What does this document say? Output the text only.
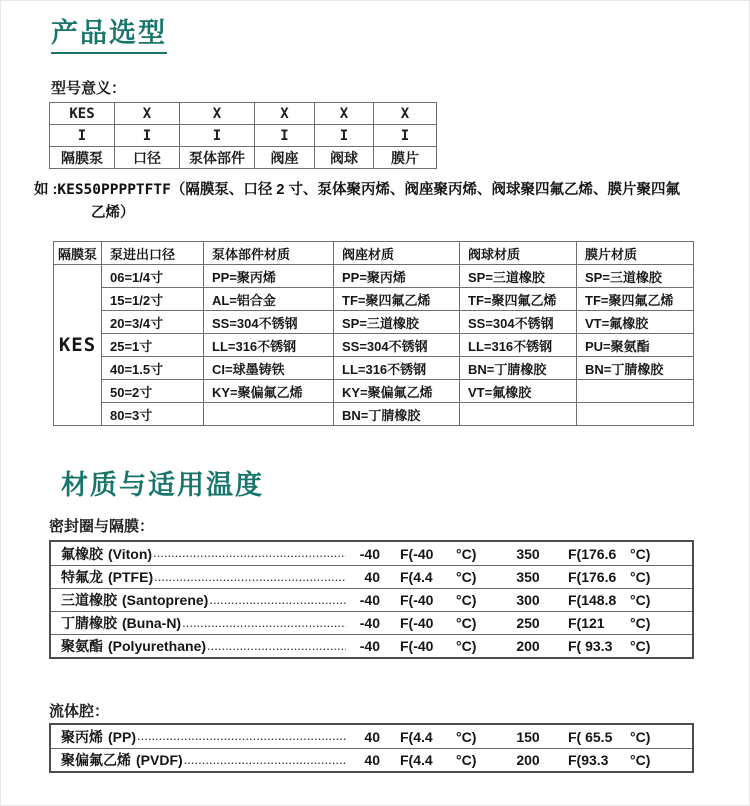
产品选型
型号意义：
KES	X	X	X	X	X
I	I	I	I	I	I
隔膜泵	口径	泵体部件	阀座	阀球	膜片
如 :KES50PPPPTFTF（隔膜泵、口径 2 寸、泵体聚丙烯、阀座聚丙烯、阀球聚四氟乙烯、膜片聚四氟乙烯）
隔膜泵	泵进出口径	泵体部件材质	阀座材质	阀球材质	膜片材质
KES	06=1/4寸	PP=聚丙烯	PP=聚丙烯	SP=三道橡胶	SP=三道橡胶
	15=1/2寸	AL=铝合金	TF=聚四氟乙烯	TF=聚四氟乙烯	TF=聚四氟乙烯
	20=3/4寸	SS=304不锈钢	SP=三道橡胶	SS=304不锈钢	VT=氟橡胶
	25=1寸	LL=316不锈钢	SS=304不锈钢	LL=316不锈钢	PU=聚氨酯
	40=1.5寸	CI=球墨铸铁	LL=316不锈钢	BN=丁腈橡胶	BN=丁腈橡胶
	50=2寸	KY=聚偏氟乙烯	KY=聚偏氟乙烯	VT=氟橡胶	
	80=3寸		BN=丁腈橡胶		
材质与适用温度
密封圈与隔膜：
氟橡胶 (Viton) .....	-40 F(-40	°C)	350	F(176.6 °C)
特氟龙 (PTFE) .....	40 F(4.4	°C)	350	F(176.6 °C)
三道橡胶 (Santoprene) .....	-40 F(-40	°C)	300	F(148.8 °C)
丁腈橡胶 (Buna-N) .....	-40 F(-40	°C)	250	F(121	°C)
聚氨酯 (Polyurethane) .....	-40 F(-40	°C)	200	F( 93.3	°C)
流体腔：
聚丙烯 (PP) .....	40 F(4.4	°C)	150	F( 65.5	°C)
聚偏氟乙烯 (PVDF) .....	40 F(4.4	°C)	200	F(93.3	°C)
